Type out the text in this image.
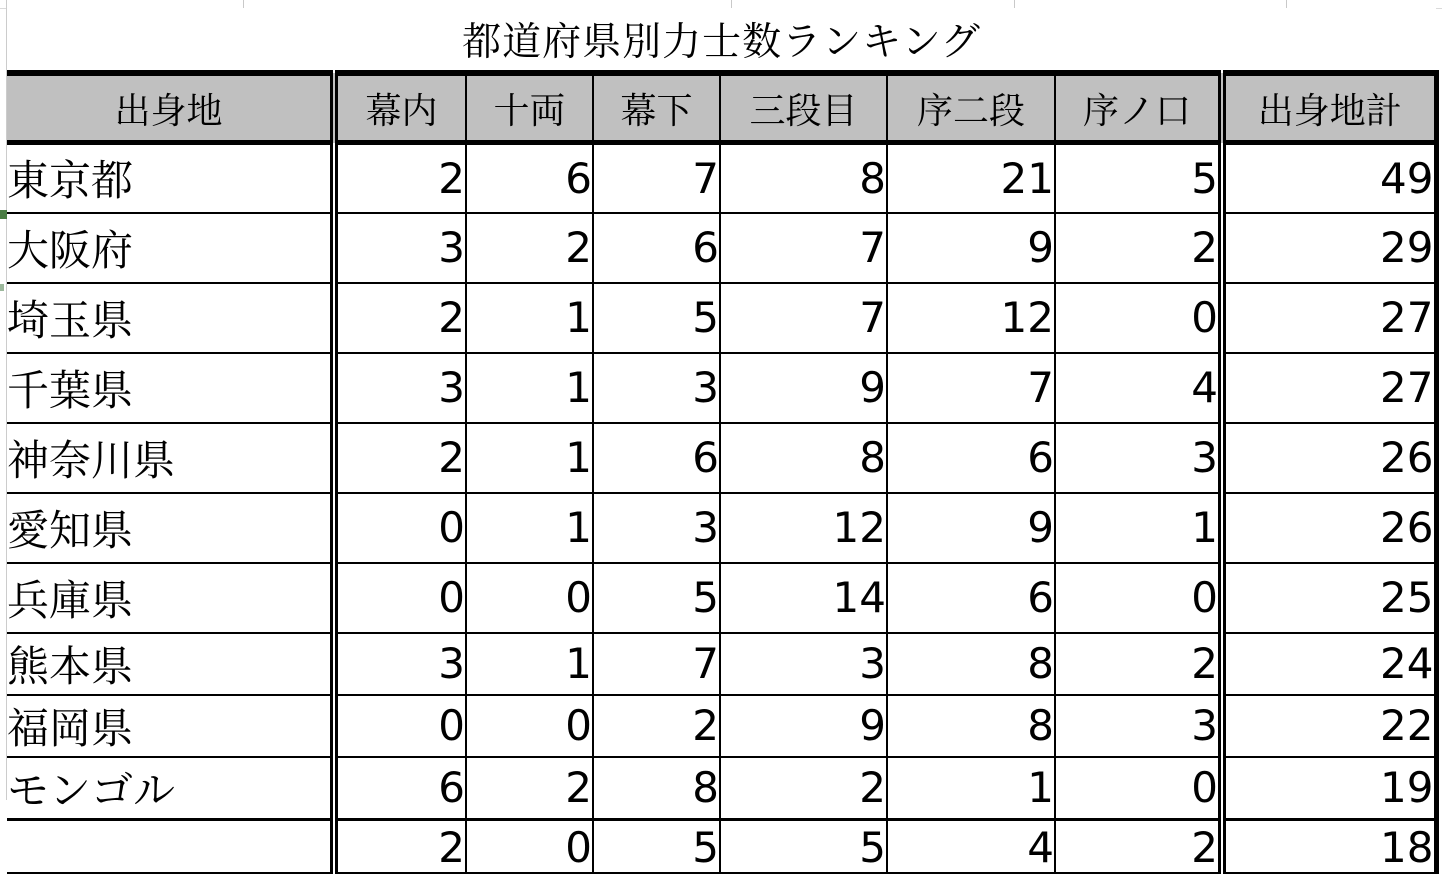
都道府県別力士数ランキング
出身地	幕内	十両	幕下	三段目	序二段	序ノ口	出身地計
東京都	2	6	7	8	21	5	49
大阪府	3	2	6	7	9	2	29
埼玉県	2	1	5	7	12	0	27
千葉県	3	1	3	9	7	4	27
神奈川県	2	1	6	8	6	3	26
愛知県	0	1	3	12	9	1	26
兵庫県	0	0	5	14	6	0	25
熊本県	3	1	7	3	8	2	24
福岡県	0	0	2	9	8	3	22
モンゴル	6	2	8	2	1	0	19
	2	0	5	5	4	2	18
